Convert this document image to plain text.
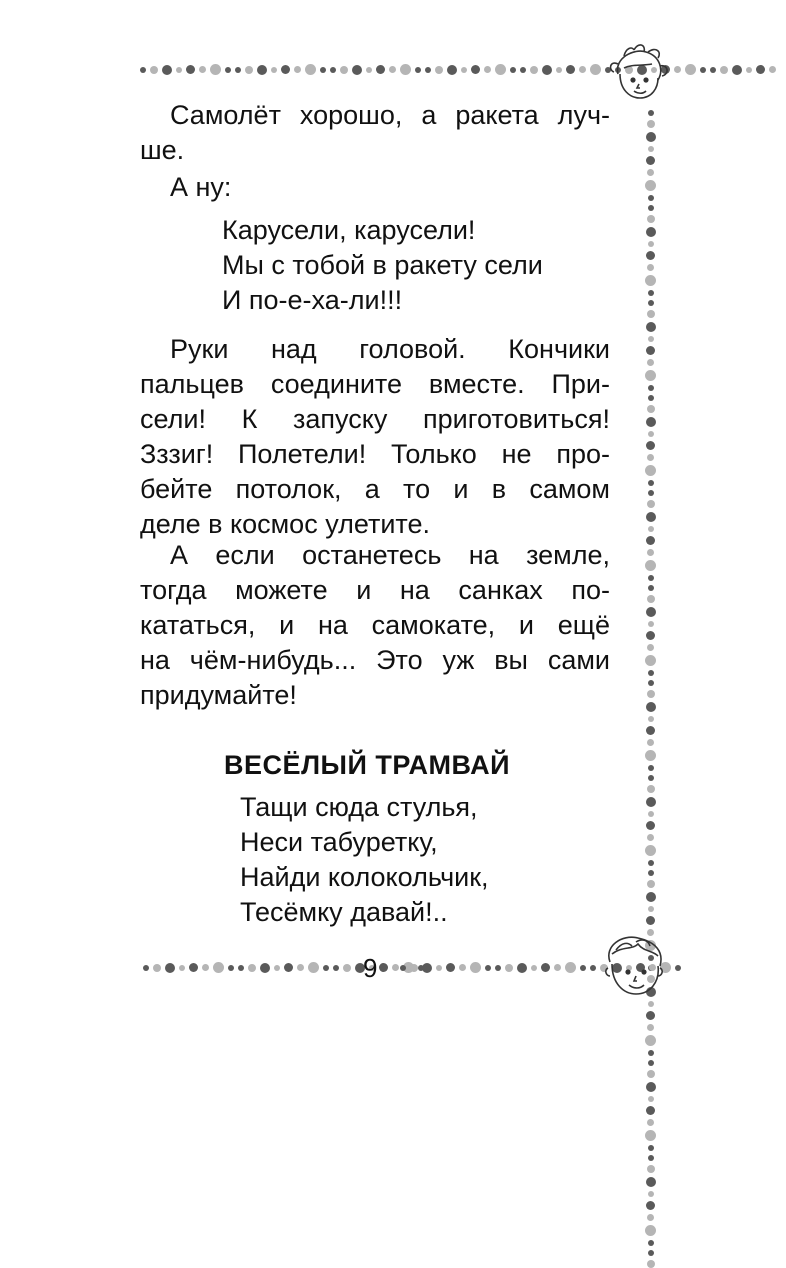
Самолёт хорошо, а ракета луч-
ше.
А ну:
Карусели, карусели!
Мы с тобой в ракету сели
И по-е-ха-ли!!!
Руки над головой. Кончики
пальцев соедините вместе. При-
сели! К запуску приготовиться!
Зззиг! Полетели! Только не про-
бейте потолок, а то и в самом
деле в космос улетите.
А если останетесь на земле,
тогда можете и на санках по-
кататься, и на самокате, и ещё
на чём-нибудь... Это уж вы сами
придумайте!
ВЕСЁЛЫЙ ТРАМВАЙ
Тащи сюда стулья,
Неси табуретку,
Найди колокольчик,
Тесёмку давай!..
9
